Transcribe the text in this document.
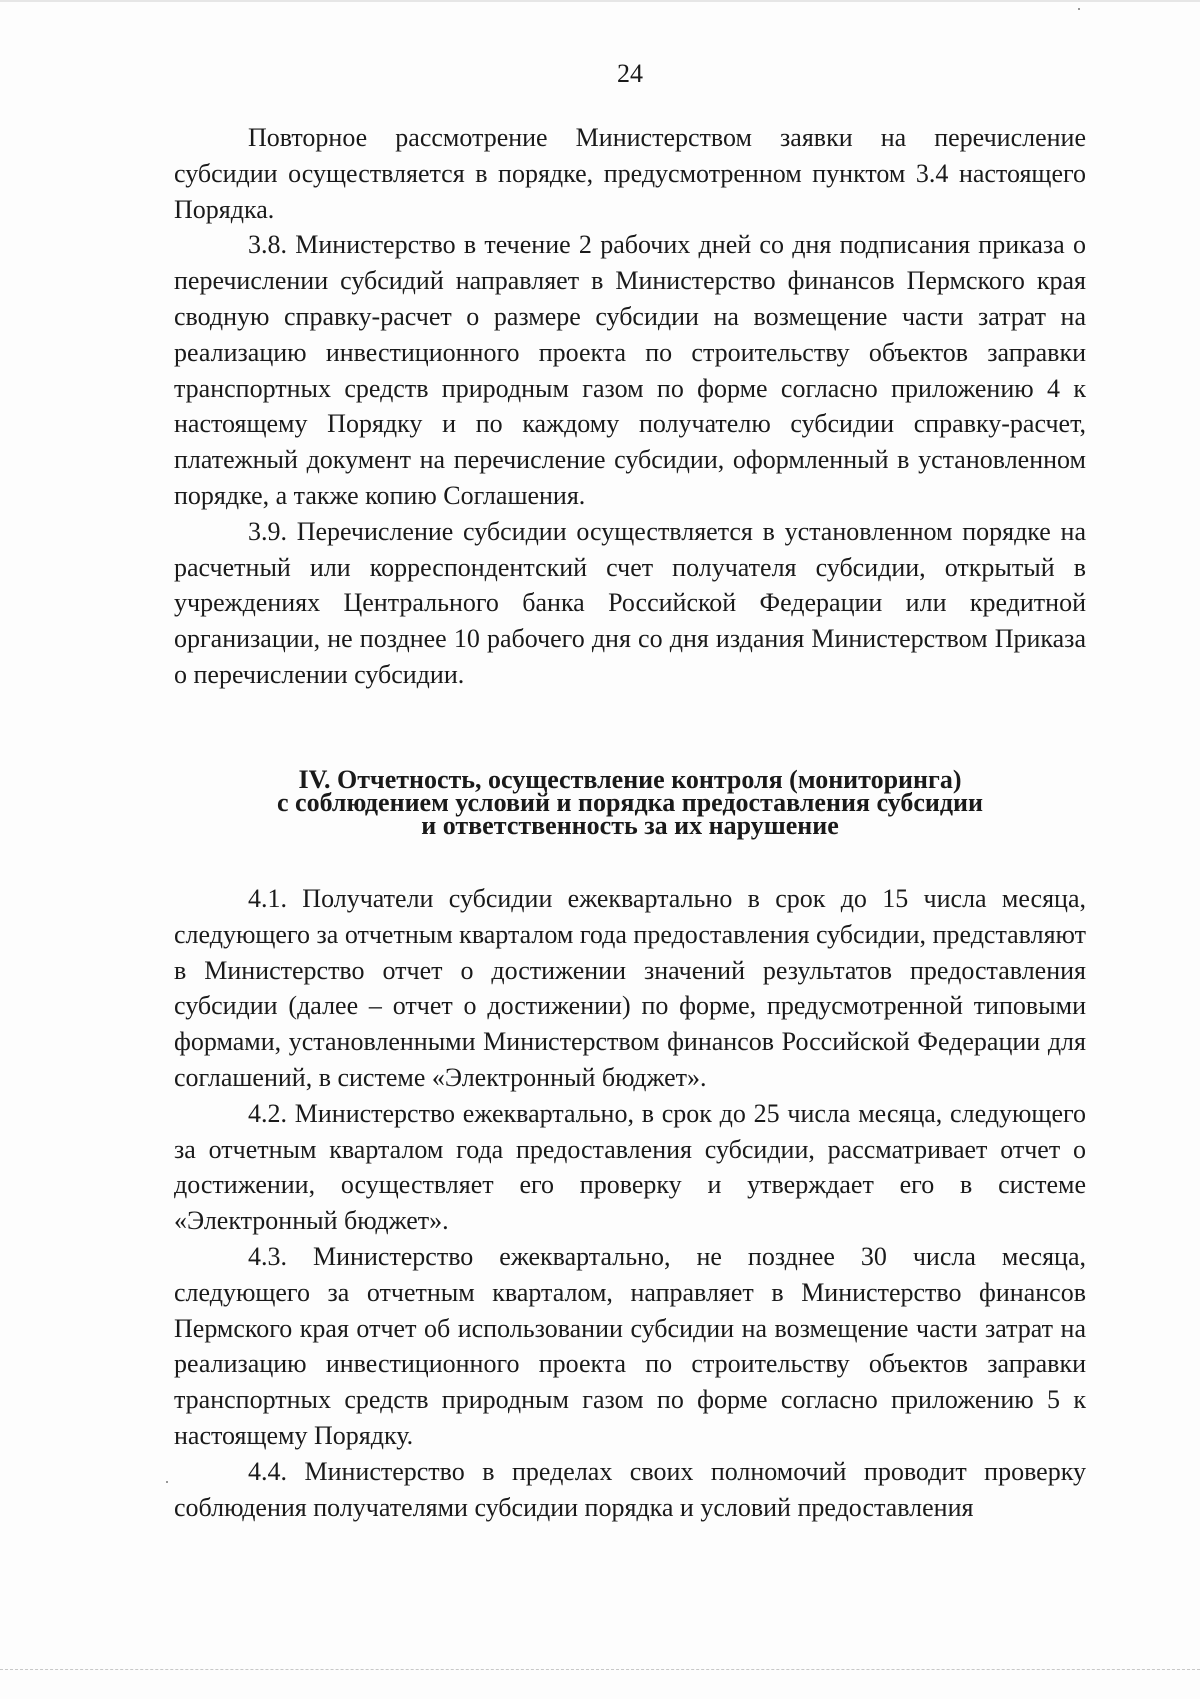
24

Повторное рассмотрение Министерством заявки на перечисление субсидии осуществляется в порядке, предусмотренном пунктом 3.4 настоящего Порядка.

3.8. Министерство в течение 2 рабочих дней со дня подписания приказа о перечислении субсидий направляет в Министерство финансов Пермского края сводную справку-расчет о размере субсидии на возмещение части затрат на реализацию инвестиционного проекта по строительству объектов заправки транспортных средств природным газом по форме согласно приложению 4 к настоящему Порядку и по каждому получателю субсидии справку-расчет, платежный документ на перечисление субсидии, оформленный в установленном порядке, а также копию Соглашения.

3.9. Перечисление субсидии осуществляется в установленном порядке на расчетный или корреспондентский счет получателя субсидии, открытый в учреждениях Центрального банка Российской Федерации или кредитной организации, не позднее 10 рабочего дня со дня издания Министерством Приказа о перечислении субсидии.

IV. Отчетность, осуществление контроля (мониторинга)
с соблюдением условий и порядка предоставления субсидии
и ответственность за их нарушение

4.1. Получатели субсидии ежеквартально в срок до 15 числа месяца, следующего за отчетным кварталом года предоставления субсидии, представляют в Министерство отчет о достижении значений результатов предоставления субсидии (далее – отчет о достижении) по форме, предусмотренной типовыми формами, установленными Министерством финансов Российской Федерации для соглашений, в системе «Электронный бюджет».

4.2. Министерство ежеквартально, в срок до 25 числа месяца, следующего за отчетным кварталом года предоставления субсидии, рассматривает отчет о достижении, осуществляет его проверку и утверждает его в системе «Электронный бюджет».

4.3. Министерство ежеквартально, не позднее 30 числа месяца, следующего за отчетным кварталом, направляет в Министерство финансов Пермского края отчет об использовании субсидии на возмещение части затрат на реализацию инвестиционного проекта по строительству объектов заправки транспортных средств природным газом по форме согласно приложению 5 к настоящему Порядку.

4.4. Министерство в пределах своих полномочий проводит проверку соблюдения получателями субсидии порядка и условий предоставления
